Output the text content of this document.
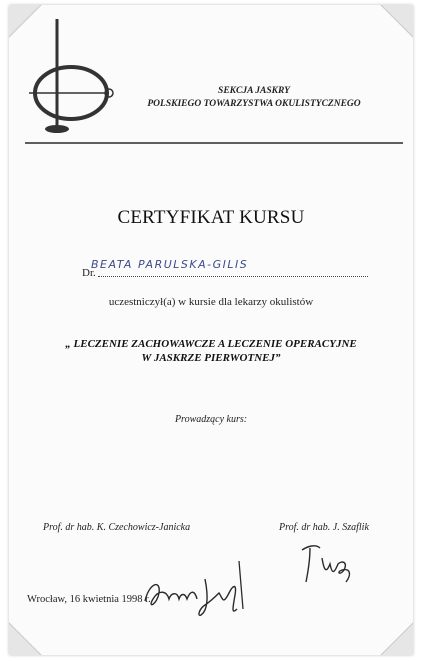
SEKCJA JASKRY
POLSKIEGO TOWARZYSTWA OKULISTYCZNEGO
CERTYFIKAT KURSU
Dr.
BEATA PARULSKA-GILIS
uczestniczył(a) w kursie dla lekarzy okulistów
„ LECZENIE ZACHOWAWCZE A LECZENIE OPERACYJNE
W JASKRZE PIERWOTNEJ”
Prowadzący kurs:
Prof. dr hab. K. Czechowicz-Janicka	Prof. dr hab. J. Szaflik
Wrocław, 16 kwietnia 1998 r.
